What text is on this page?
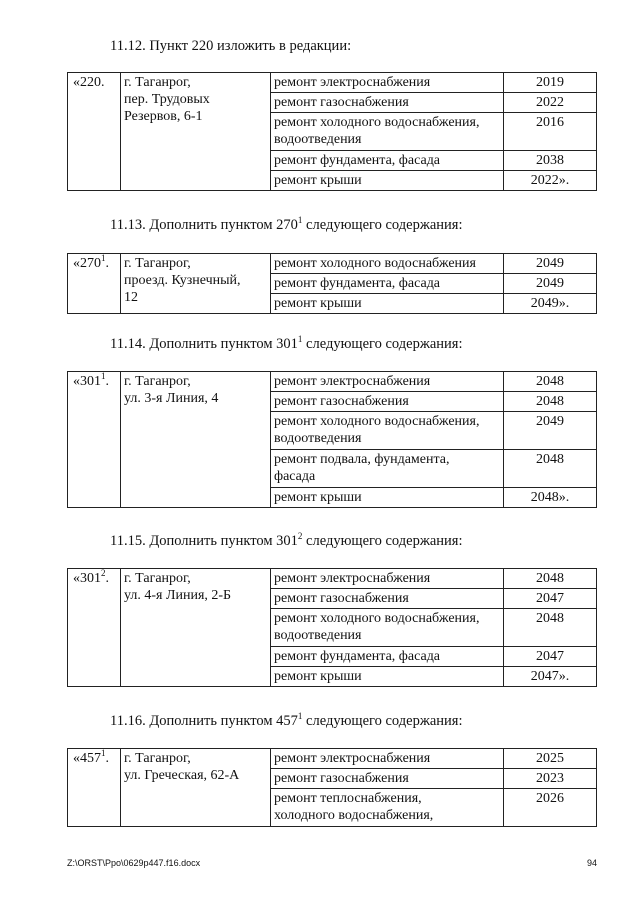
11.12. Пункт 220 изложить в редакции:
«220.	г. Таганрог,
пер. Трудовых
Резервов, 6-1	ремонт электроснабжения	2019
		ремонт газоснабжения	2022
		ремонт холодного водоснабжения,
водоотведения	2016
		ремонт фундамента, фасада	2038
		ремонт крыши	2022».
11.13. Дополнить пунктом $270^1$ следующего содержания:
«$270^1$.	г. Таганрог,
проезд. Кузнечный,
12	ремонт холодного водоснабжения	2049
		ремонт фундамента, фасада	2049
		ремонт крыши	2049».
11.14. Дополнить пунктом $301^1$ следующего содержания:
«$301^1$.	г. Таганрог,
ул. 3-я Линия, 4	ремонт электроснабжения	2048
		ремонт газоснабжения	2048
		ремонт холодного водоснабжения,
водоотведения	2049
		ремонт подвала, фундамента,
фасада	2048
		ремонт крыши	2048».
11.15. Дополнить пунктом $301^2$ следующего содержания:
«$301^2$.	г. Таганрог,
ул. 4-я Линия, 2-Б	ремонт электроснабжения	2048
		ремонт газоснабжения	2047
		ремонт холодного водоснабжения,
водоотведения	2048
		ремонт фундамента, фасада	2047
		ремонт крыши	2047».
11.16. Дополнить пунктом $457^1$ следующего содержания:
«$457^1$.	г. Таганрог,
ул. Греческая, 62-А	ремонт электроснабжения	2025
		ремонт газоснабжения	2023
		ремонт теплоснабжения,
холодного водоснабжения,	2026
Z:\ORST\Ppo\0629p447.f16.docx	94
